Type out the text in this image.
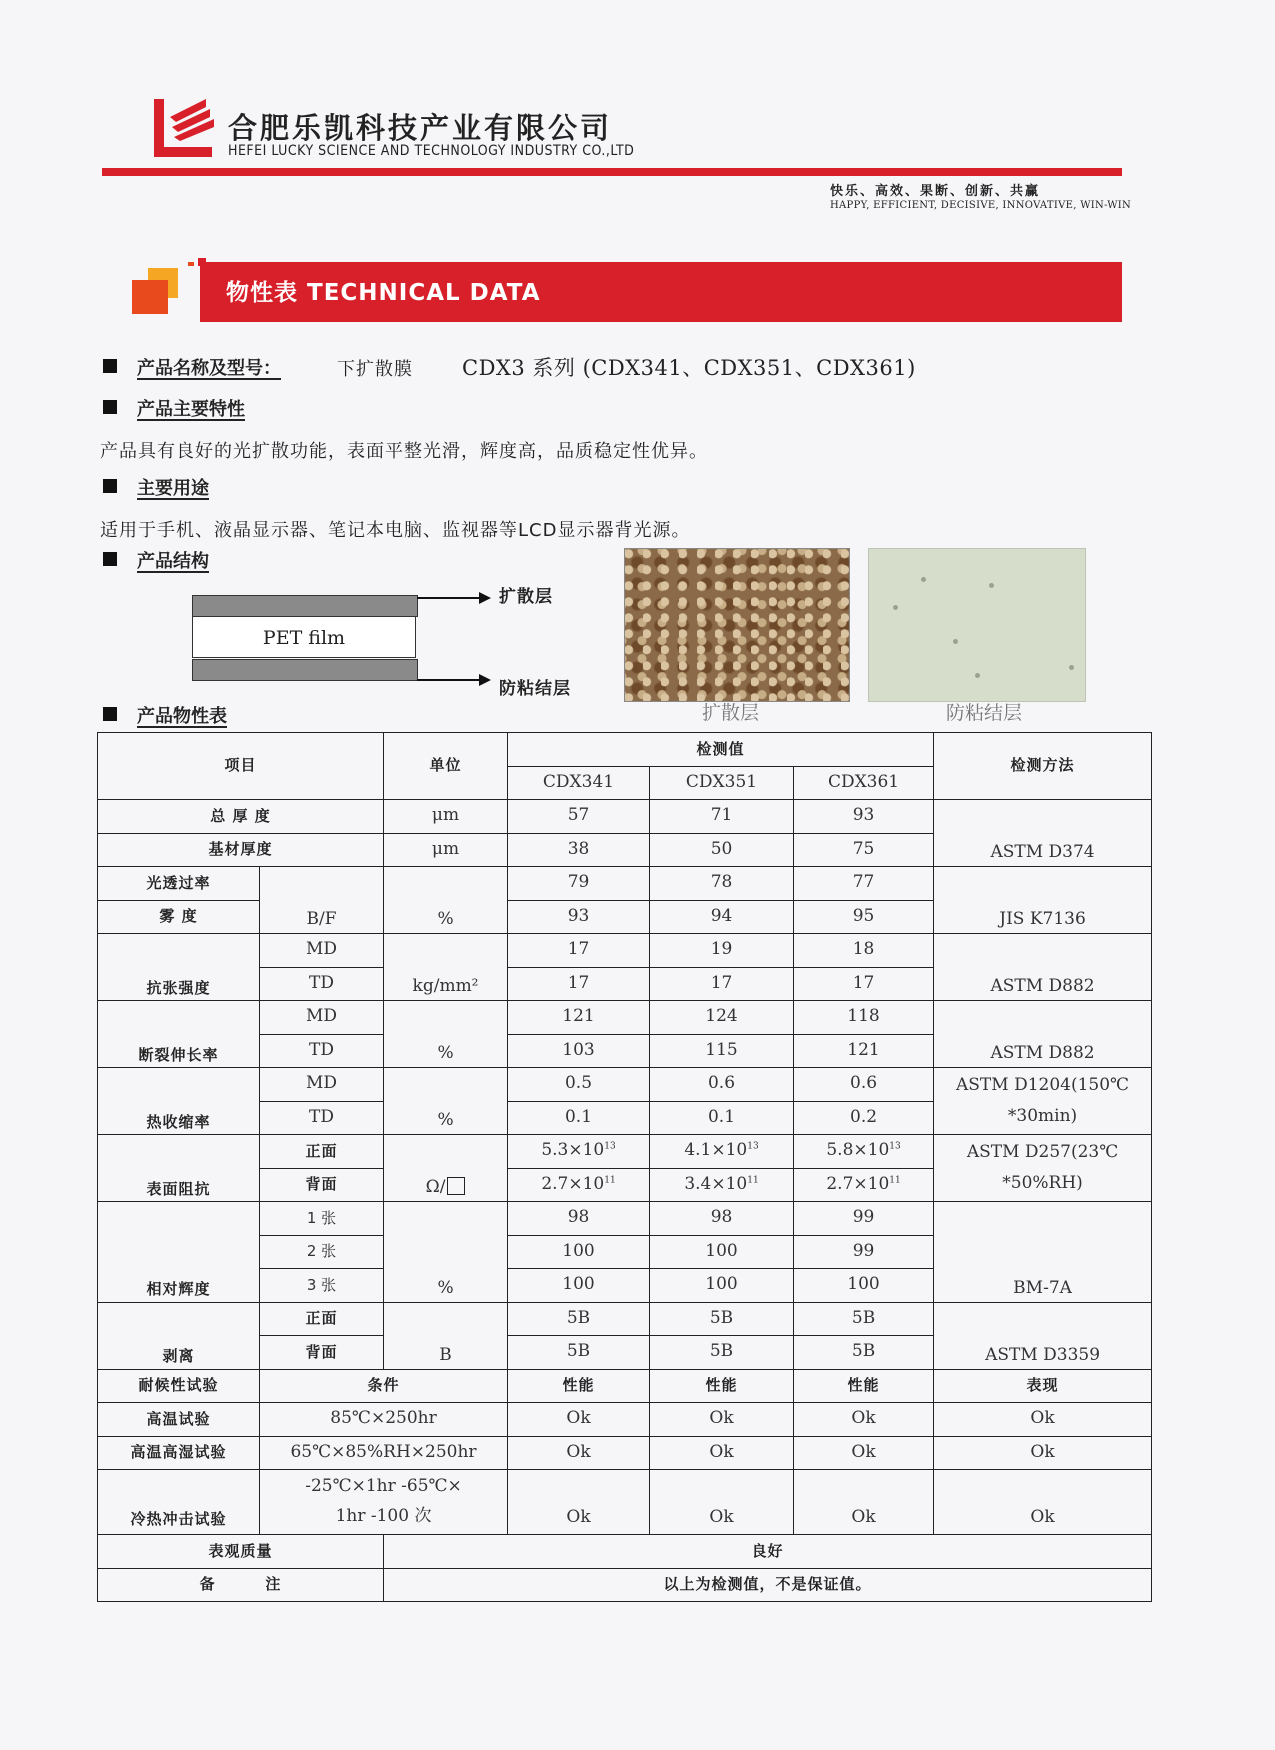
合肥乐凯科技产业有限公司
HEFEI LUCKY SCIENCE AND TECHNOLOGY INDUSTRY CO.,LTD
快乐、高效、果断、创新、共赢
HAPPY, EFFICIENT, DECISIVE, INNOVATIVE, WIN-WIN
物性表 TECHNICAL DATA
产品名称及型号：	下扩散膜 CDX3 系列 (CDX341、CDX351、CDX361)
产品主要特性
产品具有良好的光扩散功能，表面平整光滑，辉度高，品质稳定性优异。
主要用途
适用于手机、液晶显示器、笔记本电脑、监视器等LCD显示器背光源。
产品结构
PET film
扩散层
防粘结层
扩散层	防粘结层
产品物性表
项目		单位	检测值			检测方法
			CDX341	CDX351	CDX361	
总 厚 度		μm	57	71	93	ASTM D374
基材厚度		μm	38	50	75	
光透过率	B/F	%	79	78	77	JIS K7136
雾 度			93	94	95	
抗张强度	MD	kg/mm²	17	19	18	ASTM D882
	TD		17	17	17	
断裂伸长率	MD	%	121	124	118	ASTM D882
	TD		103	115	121	
热收缩率	MD	%	0.5	0.6	0.6	ASTM D1204(150℃
*30min)

	TD		0.1	0.1	0.2	
表面阻抗	正面	Ω/	$5.3\times 10^{13}$	$4.1\times 10^{13}$	$5.8\times 10^{13}$	ASTM D257(23℃
*50%RH)

	背面		$2.7\times 10^{11}$	$3.4\times 10^{11}$	$2.7\times 10^{11}$
相对辉度	1 张	%	98	98	99	BM-7A
	2 张		100	100	99	
	3 张		100	100	100	
剥离	正面	B	5B	5B	5B	ASTM D3359
	背面		5B	5B	5B	
耐候性试验	条件		性能	性能	性能	表现
高温试验	85℃×250hr		Ok	Ok	Ok	Ok
高温高湿试验	65℃×85%RH×250hr		Ok	Ok	Ok	Ok
冷热冲击试验	-25℃×1hr -65℃×
1hr -100 次		Ok	Ok	Ok	Ok
表观质量		良好				
备        注		以上为检测值，不是保证值。				
